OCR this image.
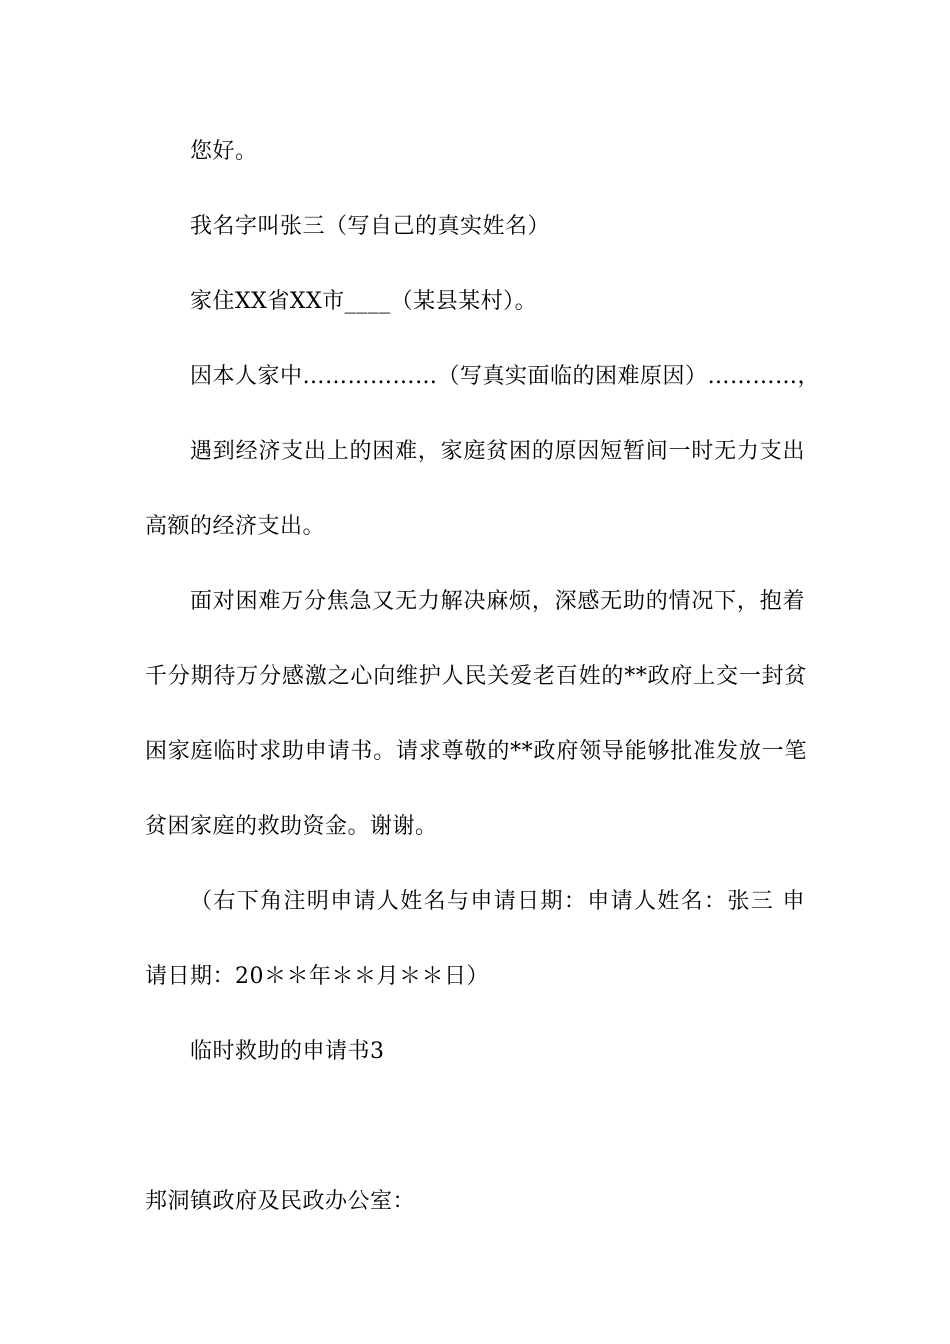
您好。
我名字叫张三（写自己的真实姓名）
家住XX省XX市____（某县某村）。
因本人家中………………（写真实面临的困难原因）…………，
遇到经济支出上的困难，家庭贫困的原因短暂间一时无力支出
高额的经济支出。
面对困难万分焦急又无力解决麻烦，深感无助的情况下，抱着
千分期待万分感激之心向维护人民关爱老百姓的**政府上交一封贫
困家庭临时求助申请书。请求尊敬的**政府领导能够批准发放一笔
贫困家庭的救助资金。谢谢。
（右下角注明申请人姓名与申请日期：申请人姓名：张三 申
请日期：20＊＊年＊＊月＊＊日）
临时救助的申请书3
邦洞镇政府及民政办公室：
